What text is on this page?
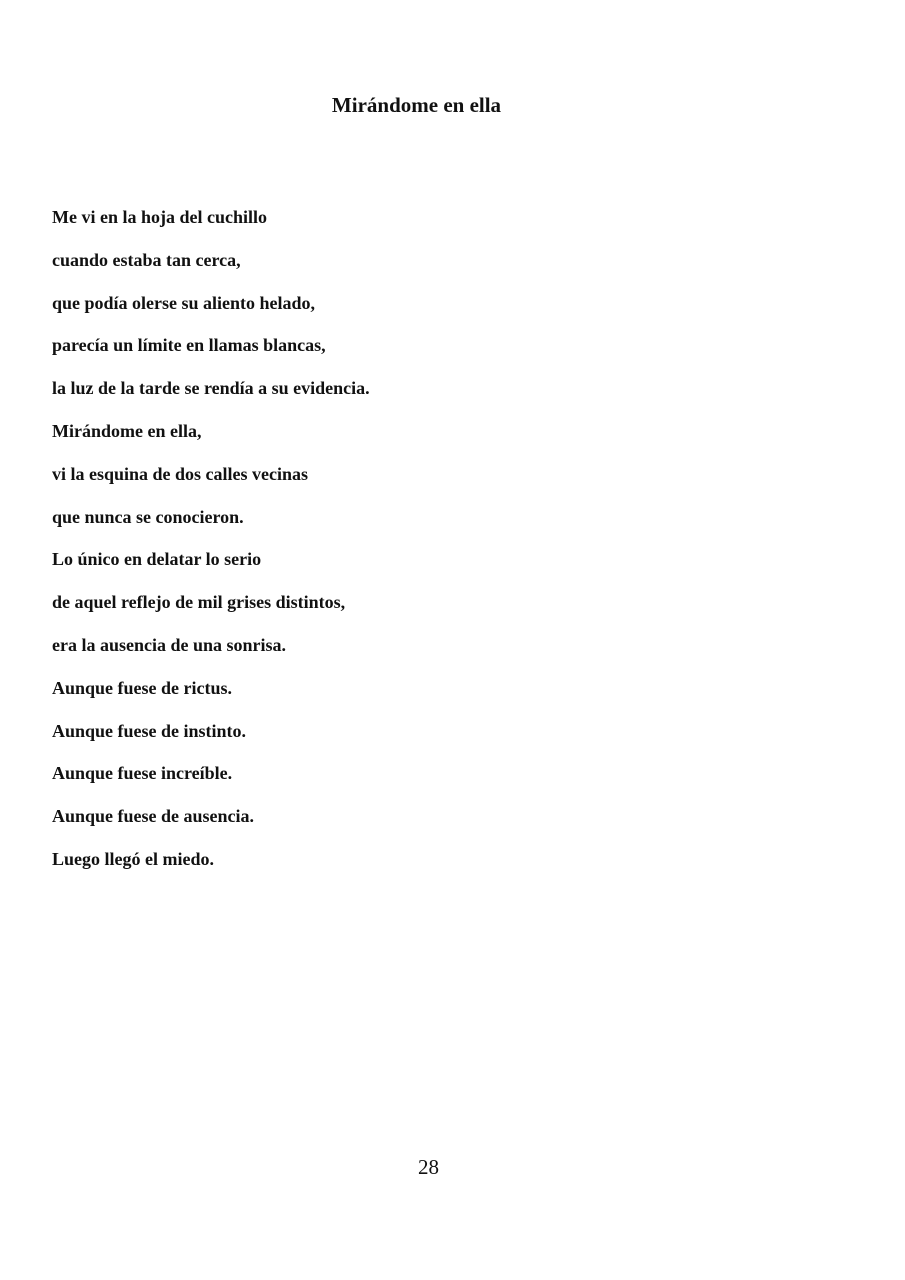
Mirándome en ella
Me vi en la hoja del cuchillo
cuando estaba tan cerca,
que podía olerse su aliento helado,
parecía un límite en llamas blancas,
la luz de la tarde se rendía a su evidencia.
Mirándome en ella,
vi la esquina de dos calles vecinas
que nunca se conocieron.
Lo único en delatar lo serio
de aquel reflejo de mil grises distintos,
era la ausencia de una sonrisa.
Aunque fuese de rictus.
Aunque fuese de instinto.
Aunque fuese increíble.
Aunque fuese de ausencia.
Luego llegó el miedo.
28
